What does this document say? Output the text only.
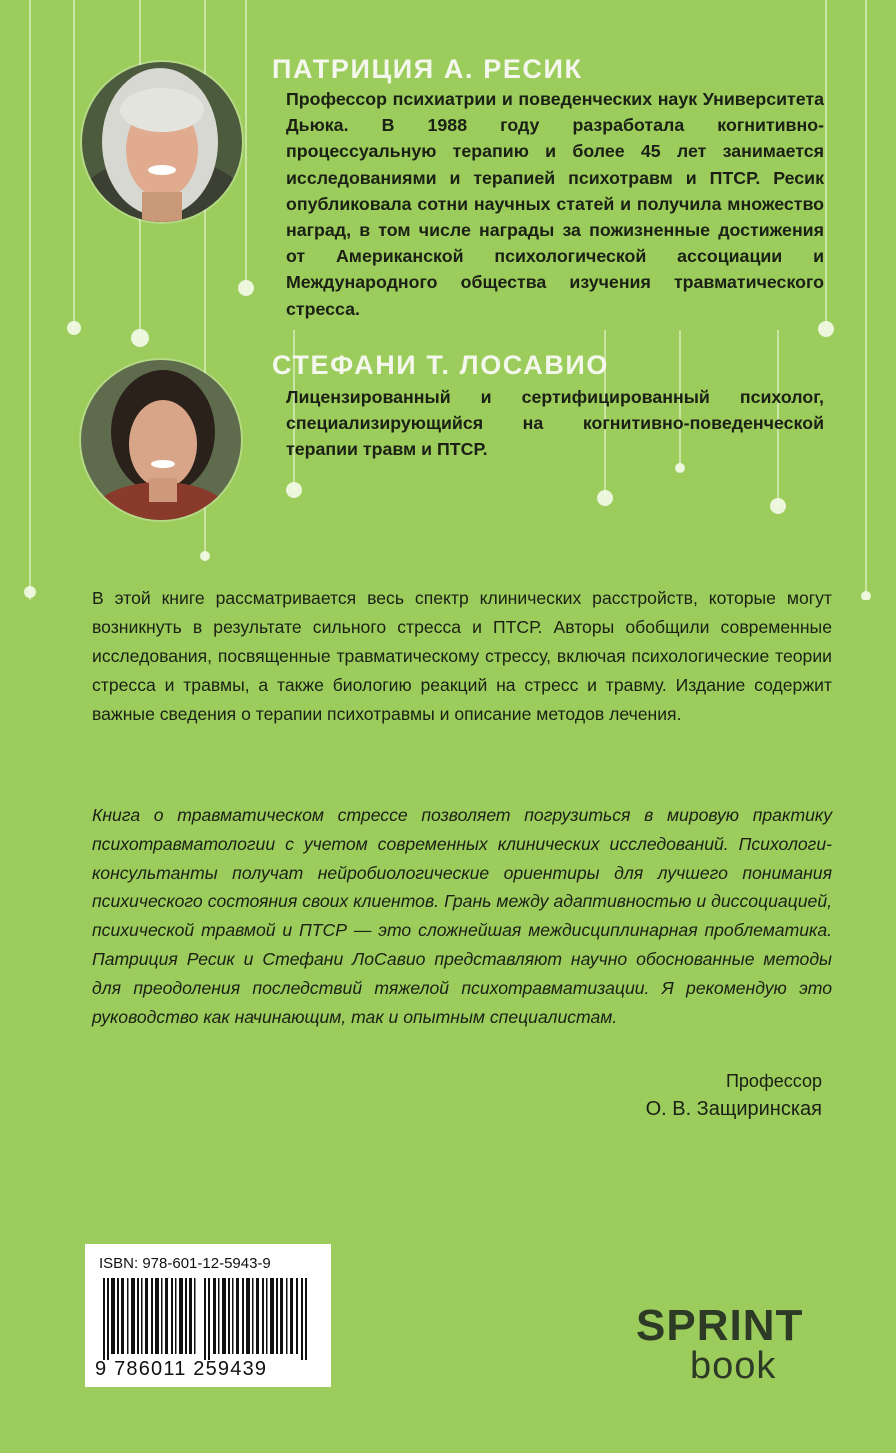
ПАТРИЦИЯ А. РЕСИК
Профессор психиатрии и поведенческих наук Университета Дьюка. В 1988 году разработала когнитивно-процессуальную терапию и более 45 лет занимается исследованиями и терапией психотравм и ПТСР. Ресик опубликовала сотни научных статей и получила множество наград, в том числе награды за пожизненные достижения от Американской психологической ассоциации и Международного общества изучения травматического стресса.
СТЕФАНИ Т. ЛОСАВИО
Лицензированный и сертифицированный психолог, специализирующийся на когнитивно-поведенческой терапии травм и ПТСР.
В этой книге рассматривается весь спектр клинических расстройств, которые могут возникнуть в результате сильного стресса и ПТСР. Авторы обобщили современные исследования, посвященные травматическому стрессу, включая психологические теории стресса и травмы, а также биологию реакций на стресс и травму. Издание содержит важные сведения о терапии психотравмы и описание методов лечения.
Книга о травматическом стрессе позволяет погрузиться в мировую практику психотравматологии с учетом современных клинических исследований. Психологи-консультанты получат нейробиологические ориентиры для лучшего понимания психического состояния своих клиентов. Грань между адаптивностью и диссоциацией, психической травмой и ПТСР — это сложнейшая междисциплинарная проблематика. Патриция Ресик и Стефани ЛоСавио представляют научно обоснованные методы для преодоления последствий тяжелой психотравматизации. Я рекомендую это руководство как начинающим, так и опытным специалистам.
Профессор
О. В. Защиринская
ISBN: 978-601-12-5943-9
9 786011 259439
SPRINT
book
